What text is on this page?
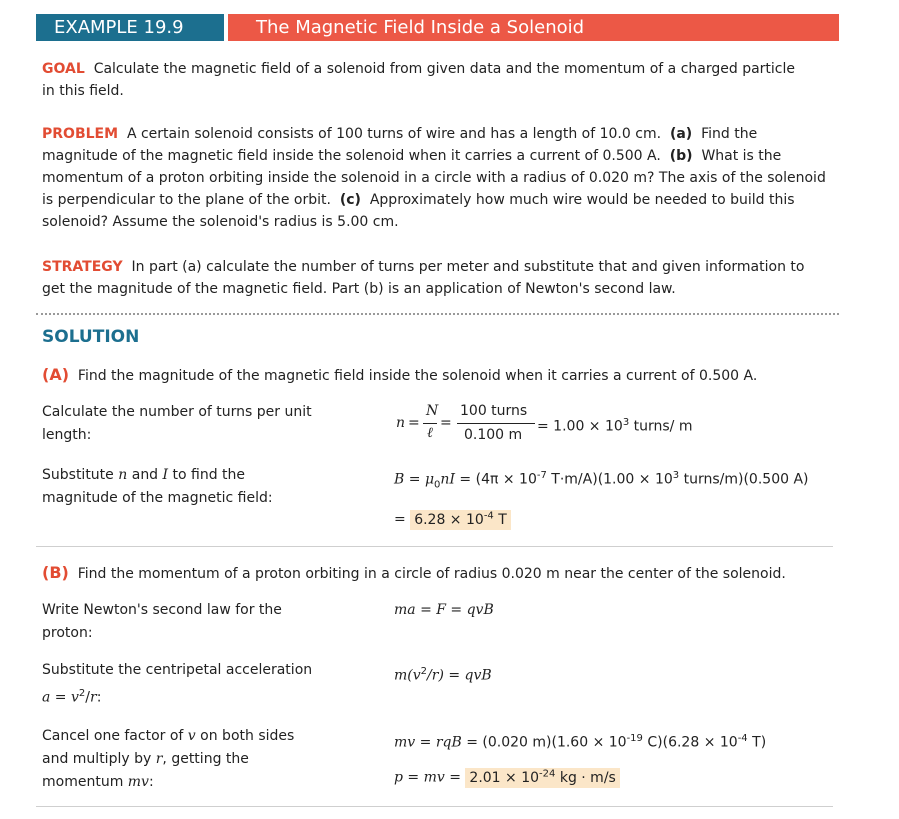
EXAMPLE 19.9	The Magnetic Field Inside a Solenoid

GOAL Calculate the magnetic field of a solenoid from given data and the momentum of a charged particle in this field.

PROBLEM A certain solenoid consists of 100 turns of wire and has a length of 10.0 cm. (a) Find the magnitude of the magnetic field inside the solenoid when it carries a current of 0.500 A. (b) What is the momentum of a proton orbiting inside the solenoid in a circle with a radius of 0.020 m? The axis of the solenoid is perpendicular to the plane of the orbit. (c) Approximately how much wire would be needed to build this solenoid? Assume the solenoid's radius is 5.00 cm.

STRATEGY In part (a) calculate the number of turns per meter and substitute that and given information to get the magnitude of the magnetic field. Part (b) is an application of Newton's second law.

SOLUTION
(A) Find the magnitude of the magnetic field inside the solenoid when it carries a current of 0.500 A.
Calculate the number of turns per unit length:
n =
N
ℓ
=
100 turns
0.100 m
= $1.00 \times 10^3$ turns/ m
Substitute n and I to find the magnitude of the magnetic field:
$B = \mu_0nI = (4\pi \times 10^{-7}$ $T\cdot m/A)(1.00 \times 10^3$ turns/m)(0.500 A)
= $6.28 \times 10^{-4}$ T
(B) Find the momentum of a proton orbiting in a circle of radius 0.020 m near the center of the solenoid.
Write Newton's second law for the proton:
ma = F = qvB
Substitute the centripetal acceleration
$a = v^2/r$:
$m(v^2/r)$ = qvB
Cancel one factor of v on both sides and multiply by r, getting the momentum mv:
mv = rqB = (0.020 $m)(1.60 \times 10^{-19}$ $C)(6.28 \times 10^{-4}$ T)
p = mv = $2.01 \times 10^{-24}$ kg · m/s
